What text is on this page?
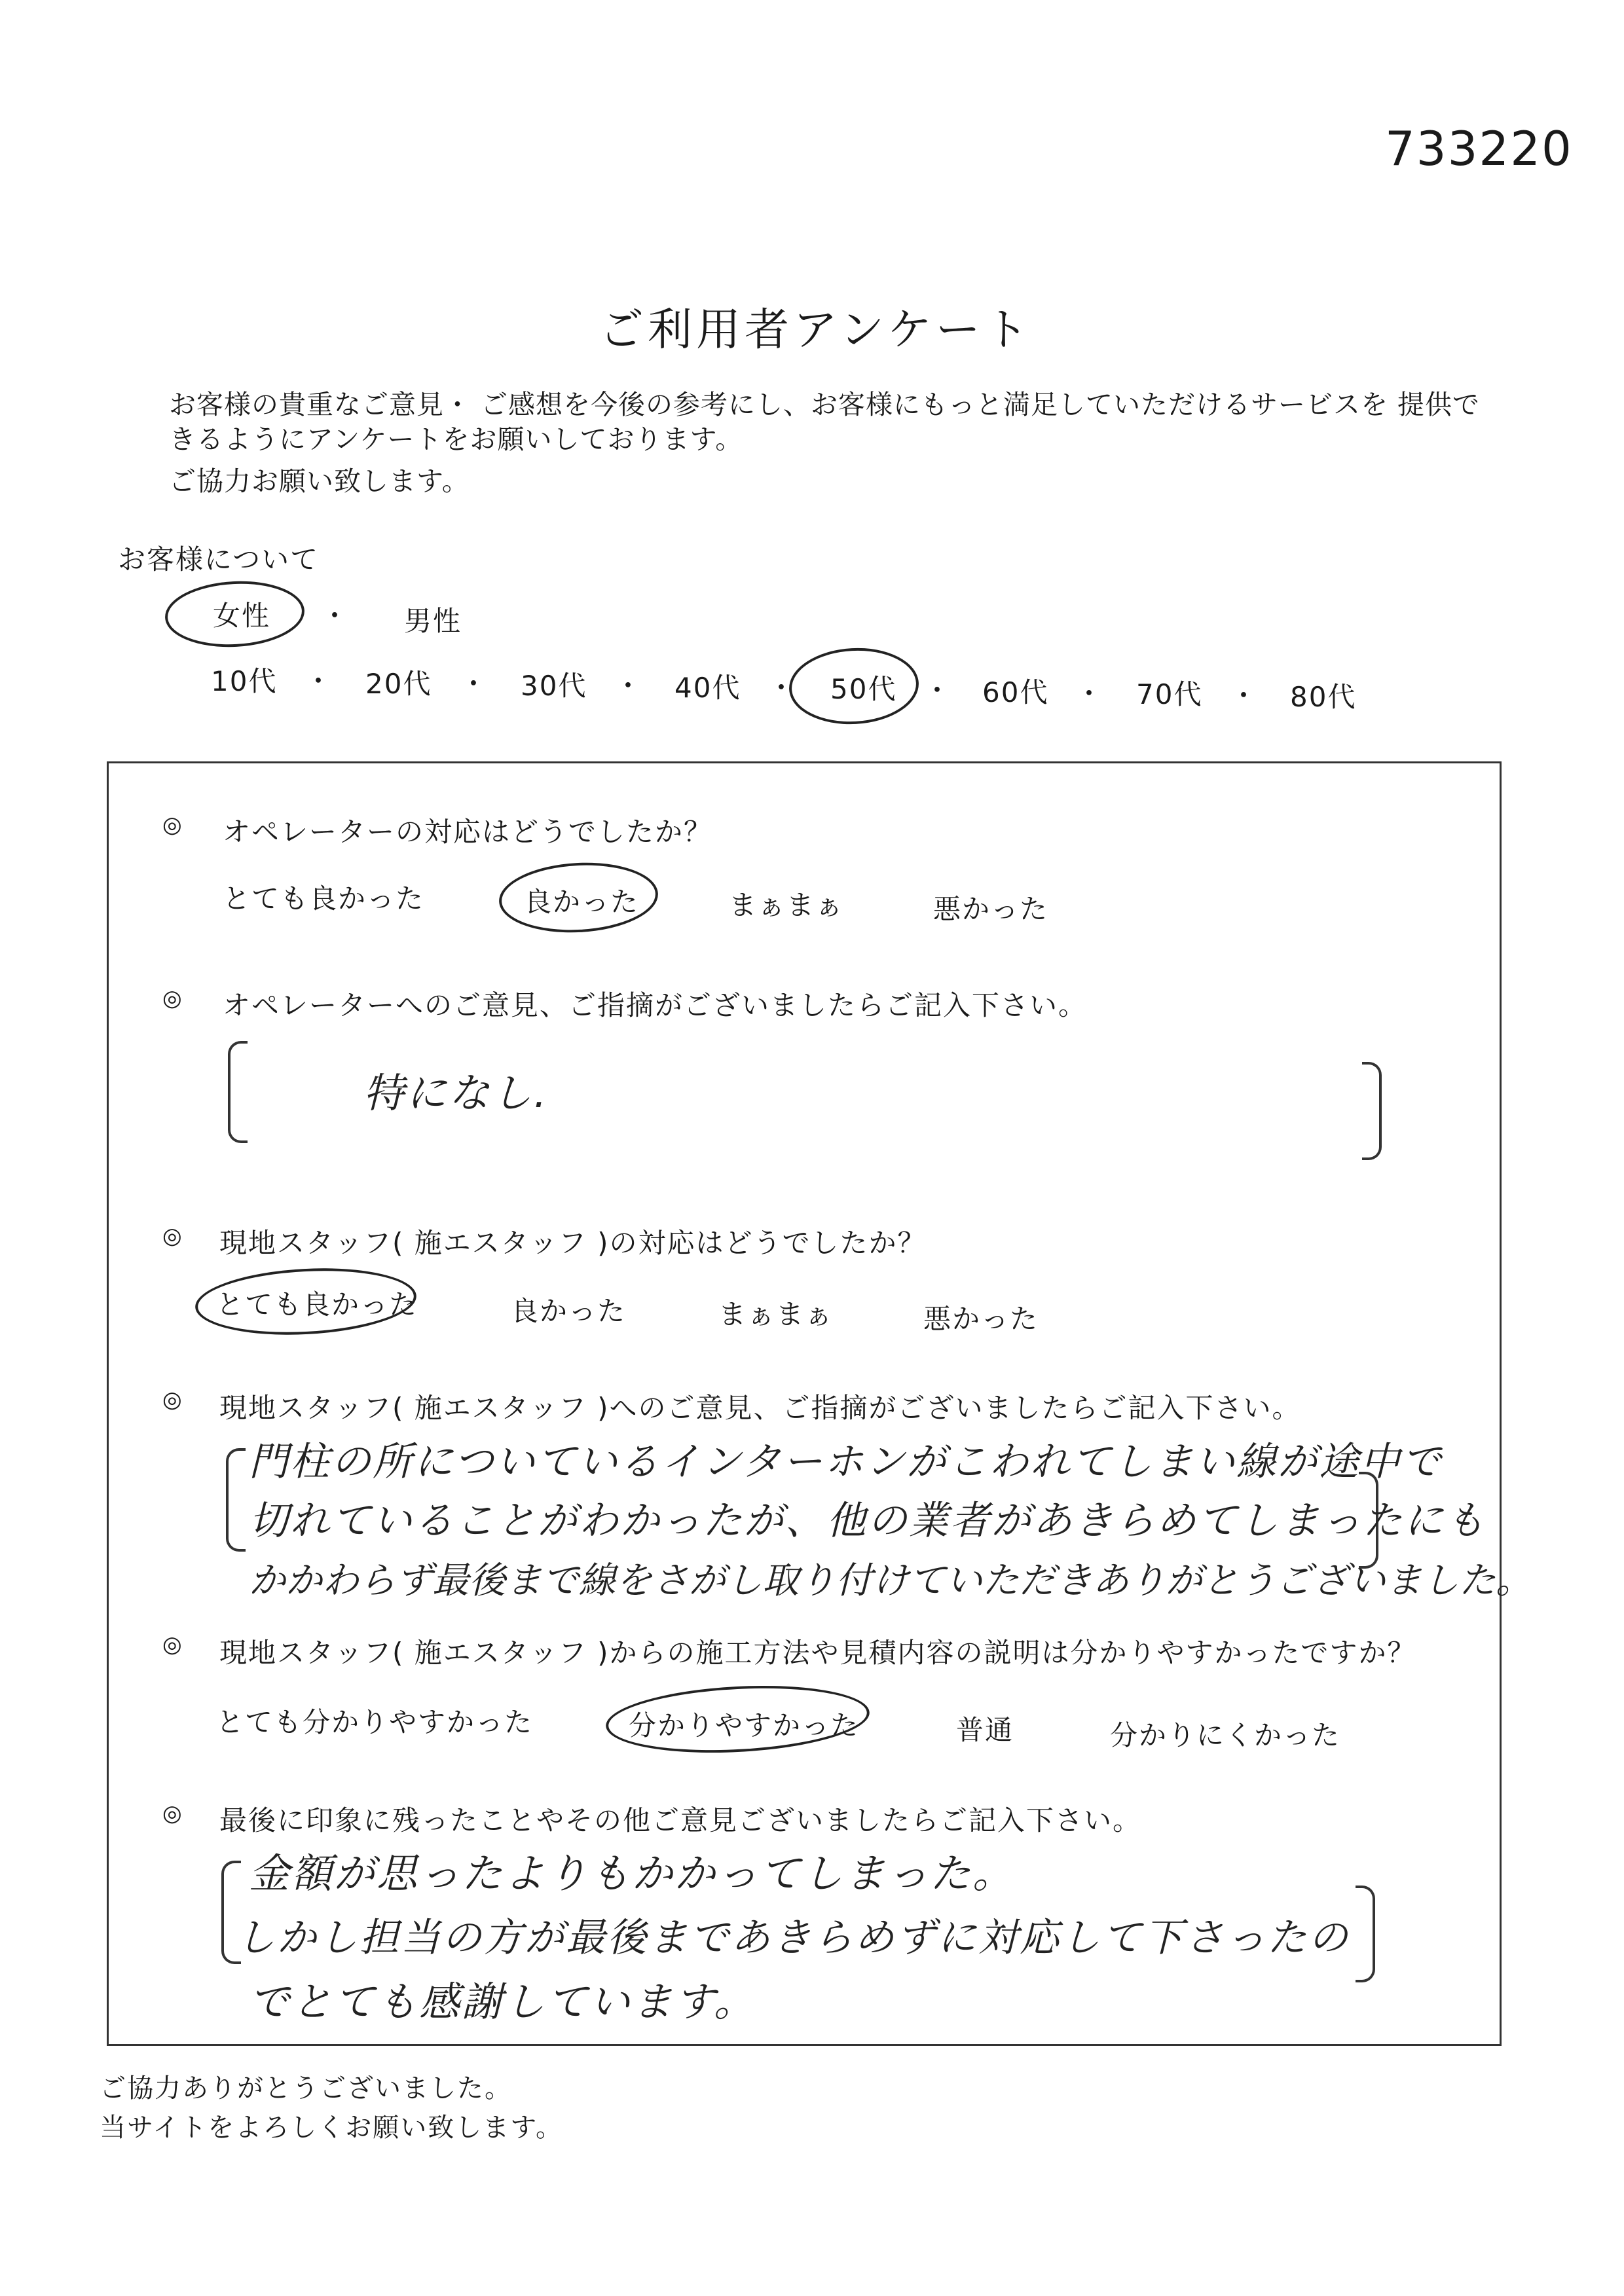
733220
ご利用者アンケート
お客様の貴重なご意見・ ご感想を今後の参考にし、お客様にもっと満足していただけるサービスを 提供で
きるようにアンケートをお願いしております。
ご協力お願い致します。
お客様について
女性 ・ 男性
10代 ・ 20代 ・ 30代 ・ 40代 ・ 50代 ・ 60代 ・ 70代 ・ 80代
◎ オペレーターの対応はどうでしたか？
とても良かった	良かった	まぁまぁ	悪かった
◎ オペレーターへのご意見、ご指摘がございましたらご記入下さい。
特になし.
◎ 現地スタッフ( 施エスタッフ )の対応はどうでしたか？
とても良かった	良かった	まぁまぁ	悪かった
◎ 現地スタッフ( 施エスタッフ )へのご意見、ご指摘がございましたらご記入下さい。
門柱の所についているインターホンがこわれてしまい線が途中で
切れていることがわかったが、他の業者があきらめてしまったにも
かかわらず最後まで線をさがし取り付けていただきありがとうございました。
◎ 現地スタッフ( 施エスタッフ )からの施工方法や見積内容の説明は分かりやすかったですか？
とても分かりやすかった	分かりやすかった	普通	分かりにくかった
◎ 最後に印象に残ったことやその他ご意見ございましたらご記入下さい。
金額が思ったよりもかかってしまった。
しかし担当の方が最後まであきらめずに対応して下さったの
でとても感謝しています。
ご協力ありがとうございました。
当サイトをよろしくお願い致します。
